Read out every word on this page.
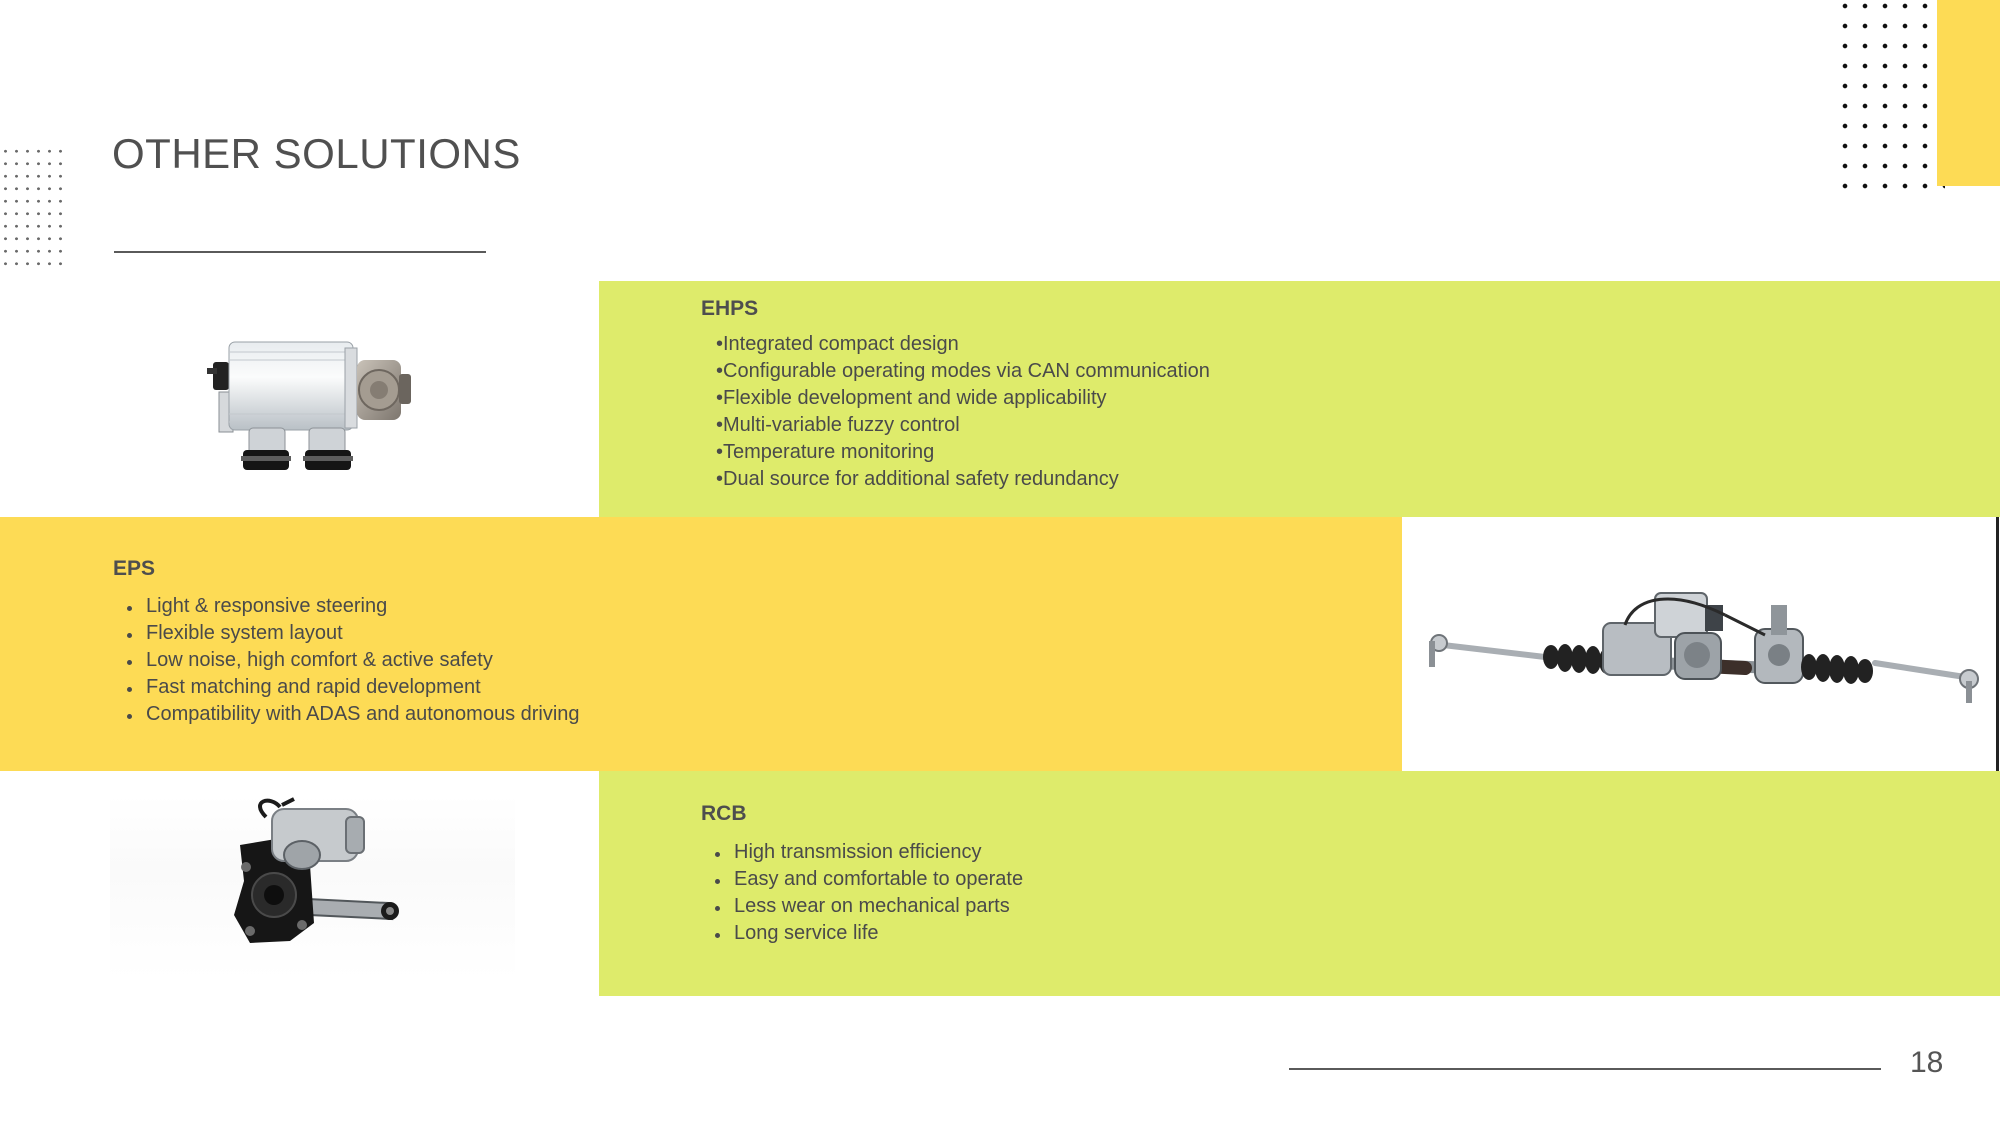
OTHER SOLUTIONS
EHPS
•Integrated compact design
•Configurable operating modes via CAN communication
•Flexible development and wide applicability
•Multi-variable fuzzy control
•Temperature monitoring
•Dual source for additional safety redundancy
EPS
Light & responsive steering
Flexible system layout
Low noise, high comfort & active safety
Fast matching and rapid development
Compatibility with ADAS and autonomous driving
RCB
High transmission efficiency
Easy and comfortable to operate
Less wear on mechanical parts
Long service life
18
